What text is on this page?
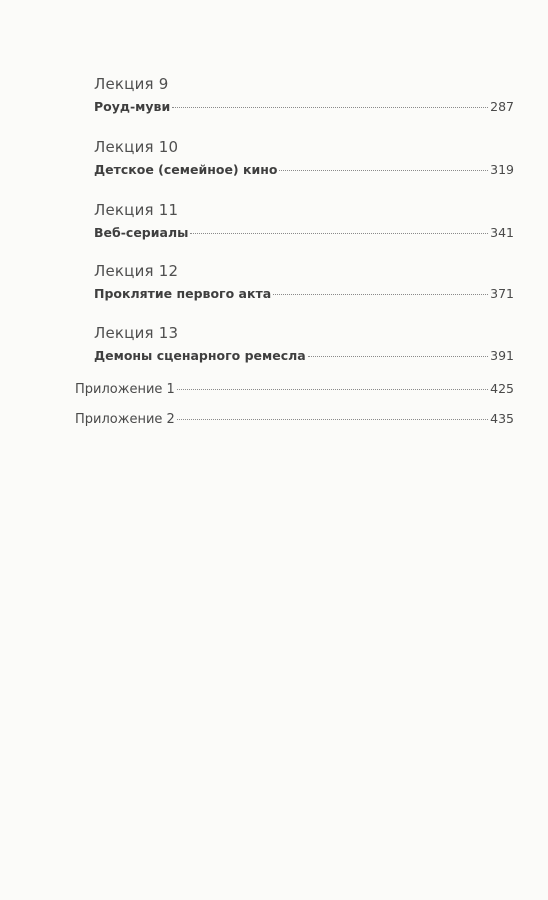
Лекция 9
Роуд-муви	287
Лекция 10
Детское (семейное) кино	319
Лекция 11
Веб-сериалы	341
Лекция 12
Проклятие первого акта	371
Лекция 13
Демоны сценарного ремесла	391
Приложение 1	425
Приложение 2	435
